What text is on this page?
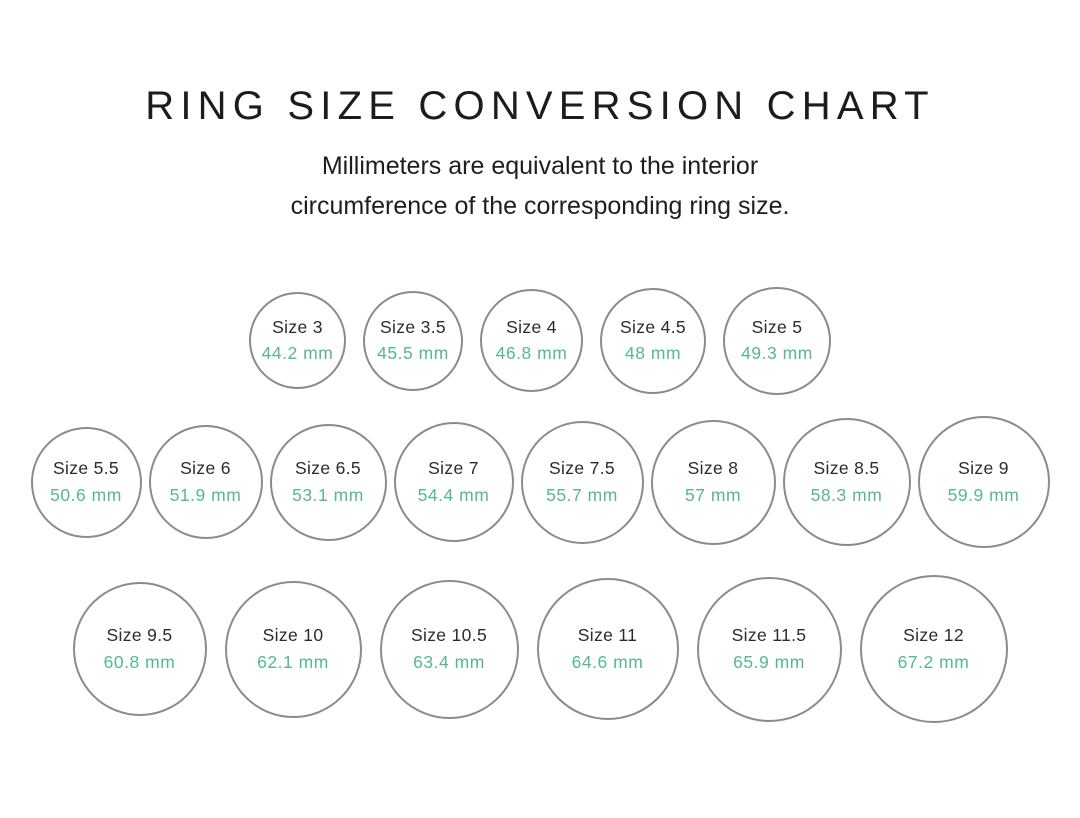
RING SIZE CONVERSION CHART

Millimeters are equivalent to the interior
circumference of the corresponding ring size.

Size 3
44.2 mm
Size 3.5
45.5 mm
Size 4
46.8 mm
Size 4.5
48 mm
Size 5
49.3 mm
Size 5.5
50.6 mm
Size 6
51.9 mm
Size 6.5
53.1 mm
Size 7
54.4 mm
Size 7.5
55.7 mm
Size 8
57 mm
Size 8.5
58.3 mm
Size 9
59.9 mm
Size 9.5
60.8 mm
Size 10
62.1 mm
Size 10.5
63.4 mm
Size 11
64.6 mm
Size 11.5
65.9 mm
Size 12
67.2 mm
